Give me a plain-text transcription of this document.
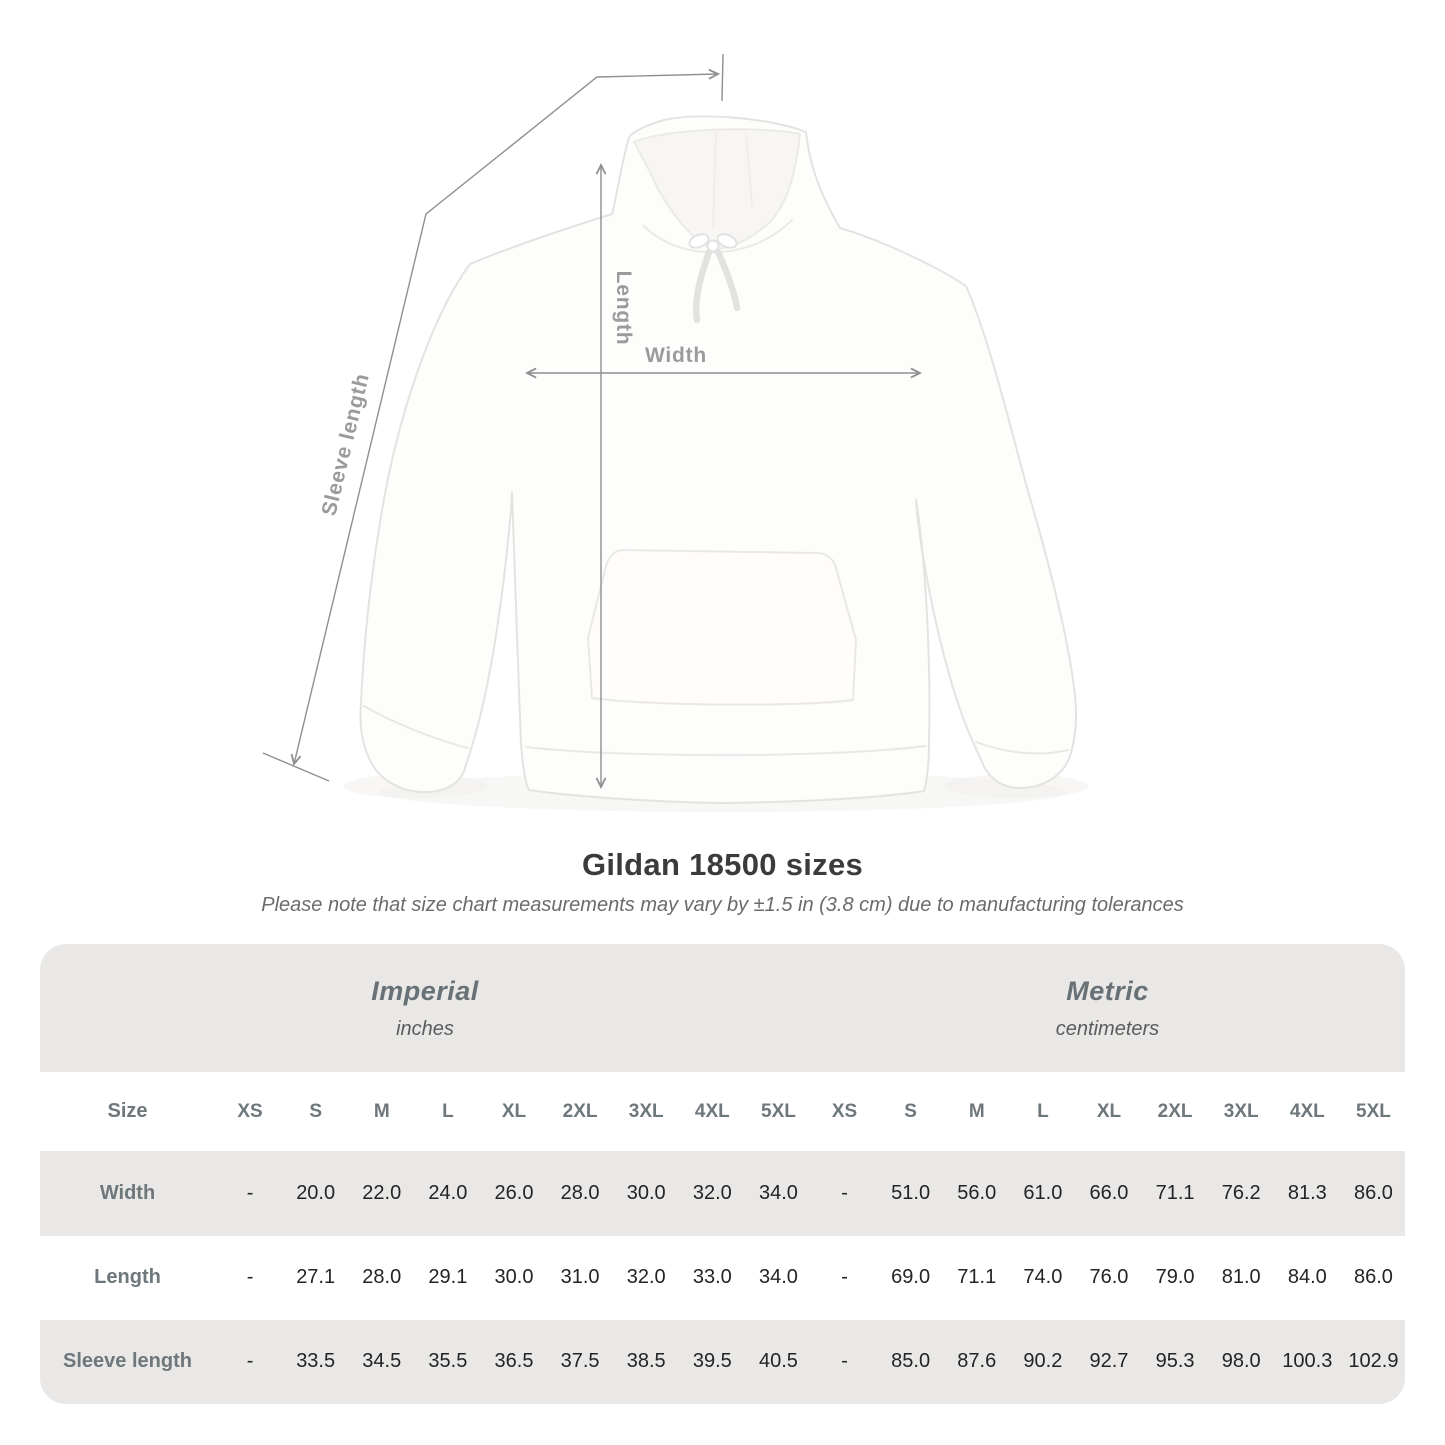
Length
Width
Sleeve length
Gildan 18500 sizes
Please note that size chart measurements may vary by ±1.5 in (3.8 cm) due to manufacturing tolerances
Imperial
inches

Metric
centimeters

Size	XS	S	M	L	XL	2XL	3XL	4XL	5XL	XS	S	M	L	XL	2XL	3XL	4XL	5XL
Width	-	20.0	22.0	24.0	26.0	28.0	30.0	32.0	34.0	-	51.0	56.0	61.0	66.0	71.1	76.2	81.3	86.0
Length	-	27.1	28.0	29.1	30.0	31.0	32.0	33.0	34.0	-	69.0	71.1	74.0	76.0	79.0	81.0	84.0	86.0
Sleeve length	-	33.5	34.5	35.5	36.5	37.5	38.5	39.5	40.5	-	85.0	87.6	90.2	92.7	95.3	98.0	100.3	102.9
